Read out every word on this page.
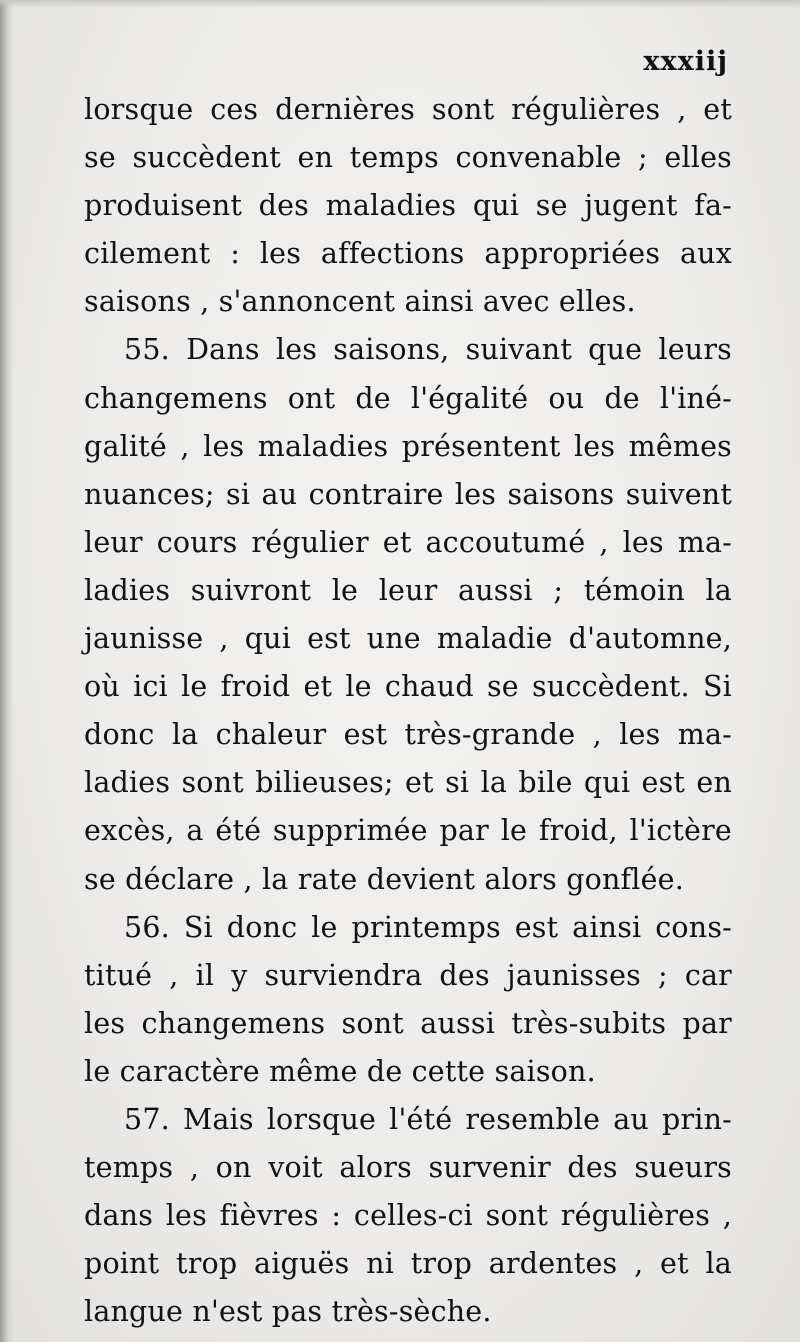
xxxiij
lorsque ces dernières sont régulières , et
se succèdent en temps convenable ; elles
produisent des maladies qui se jugent fa-
cilement : les affections appropriées aux
saisons , s'annoncent ainsi avec elles.
55. Dans les saisons, suivant que leurs
changemens ont de l'égalité ou de l'iné-
galité , les maladies présentent les mêmes
nuances; si au contraire les saisons suivent
leur cours régulier et accoutumé , les ma-
ladies suivront le leur aussi ; témoin la
jaunisse , qui est une maladie d'automne,
où ici le froid et le chaud se succèdent. Si
donc la chaleur est très-grande , les ma-
ladies sont bilieuses; et si la bile qui est en
excès, a été supprimée par le froid, l'ictère
se déclare , la rate devient alors gonflée.
56. Si donc le printemps est ainsi cons-
titué , il y surviendra des jaunisses ; car
les changemens sont aussi très-subits par
le caractère même de cette saison.
57. Mais lorsque l'été resemble au prin-
temps , on voit alors survenir des sueurs
dans les fièvres : celles-ci sont régulières ,
point trop aiguës ni trop ardentes , et la
langue n'est pas très-sèche.
